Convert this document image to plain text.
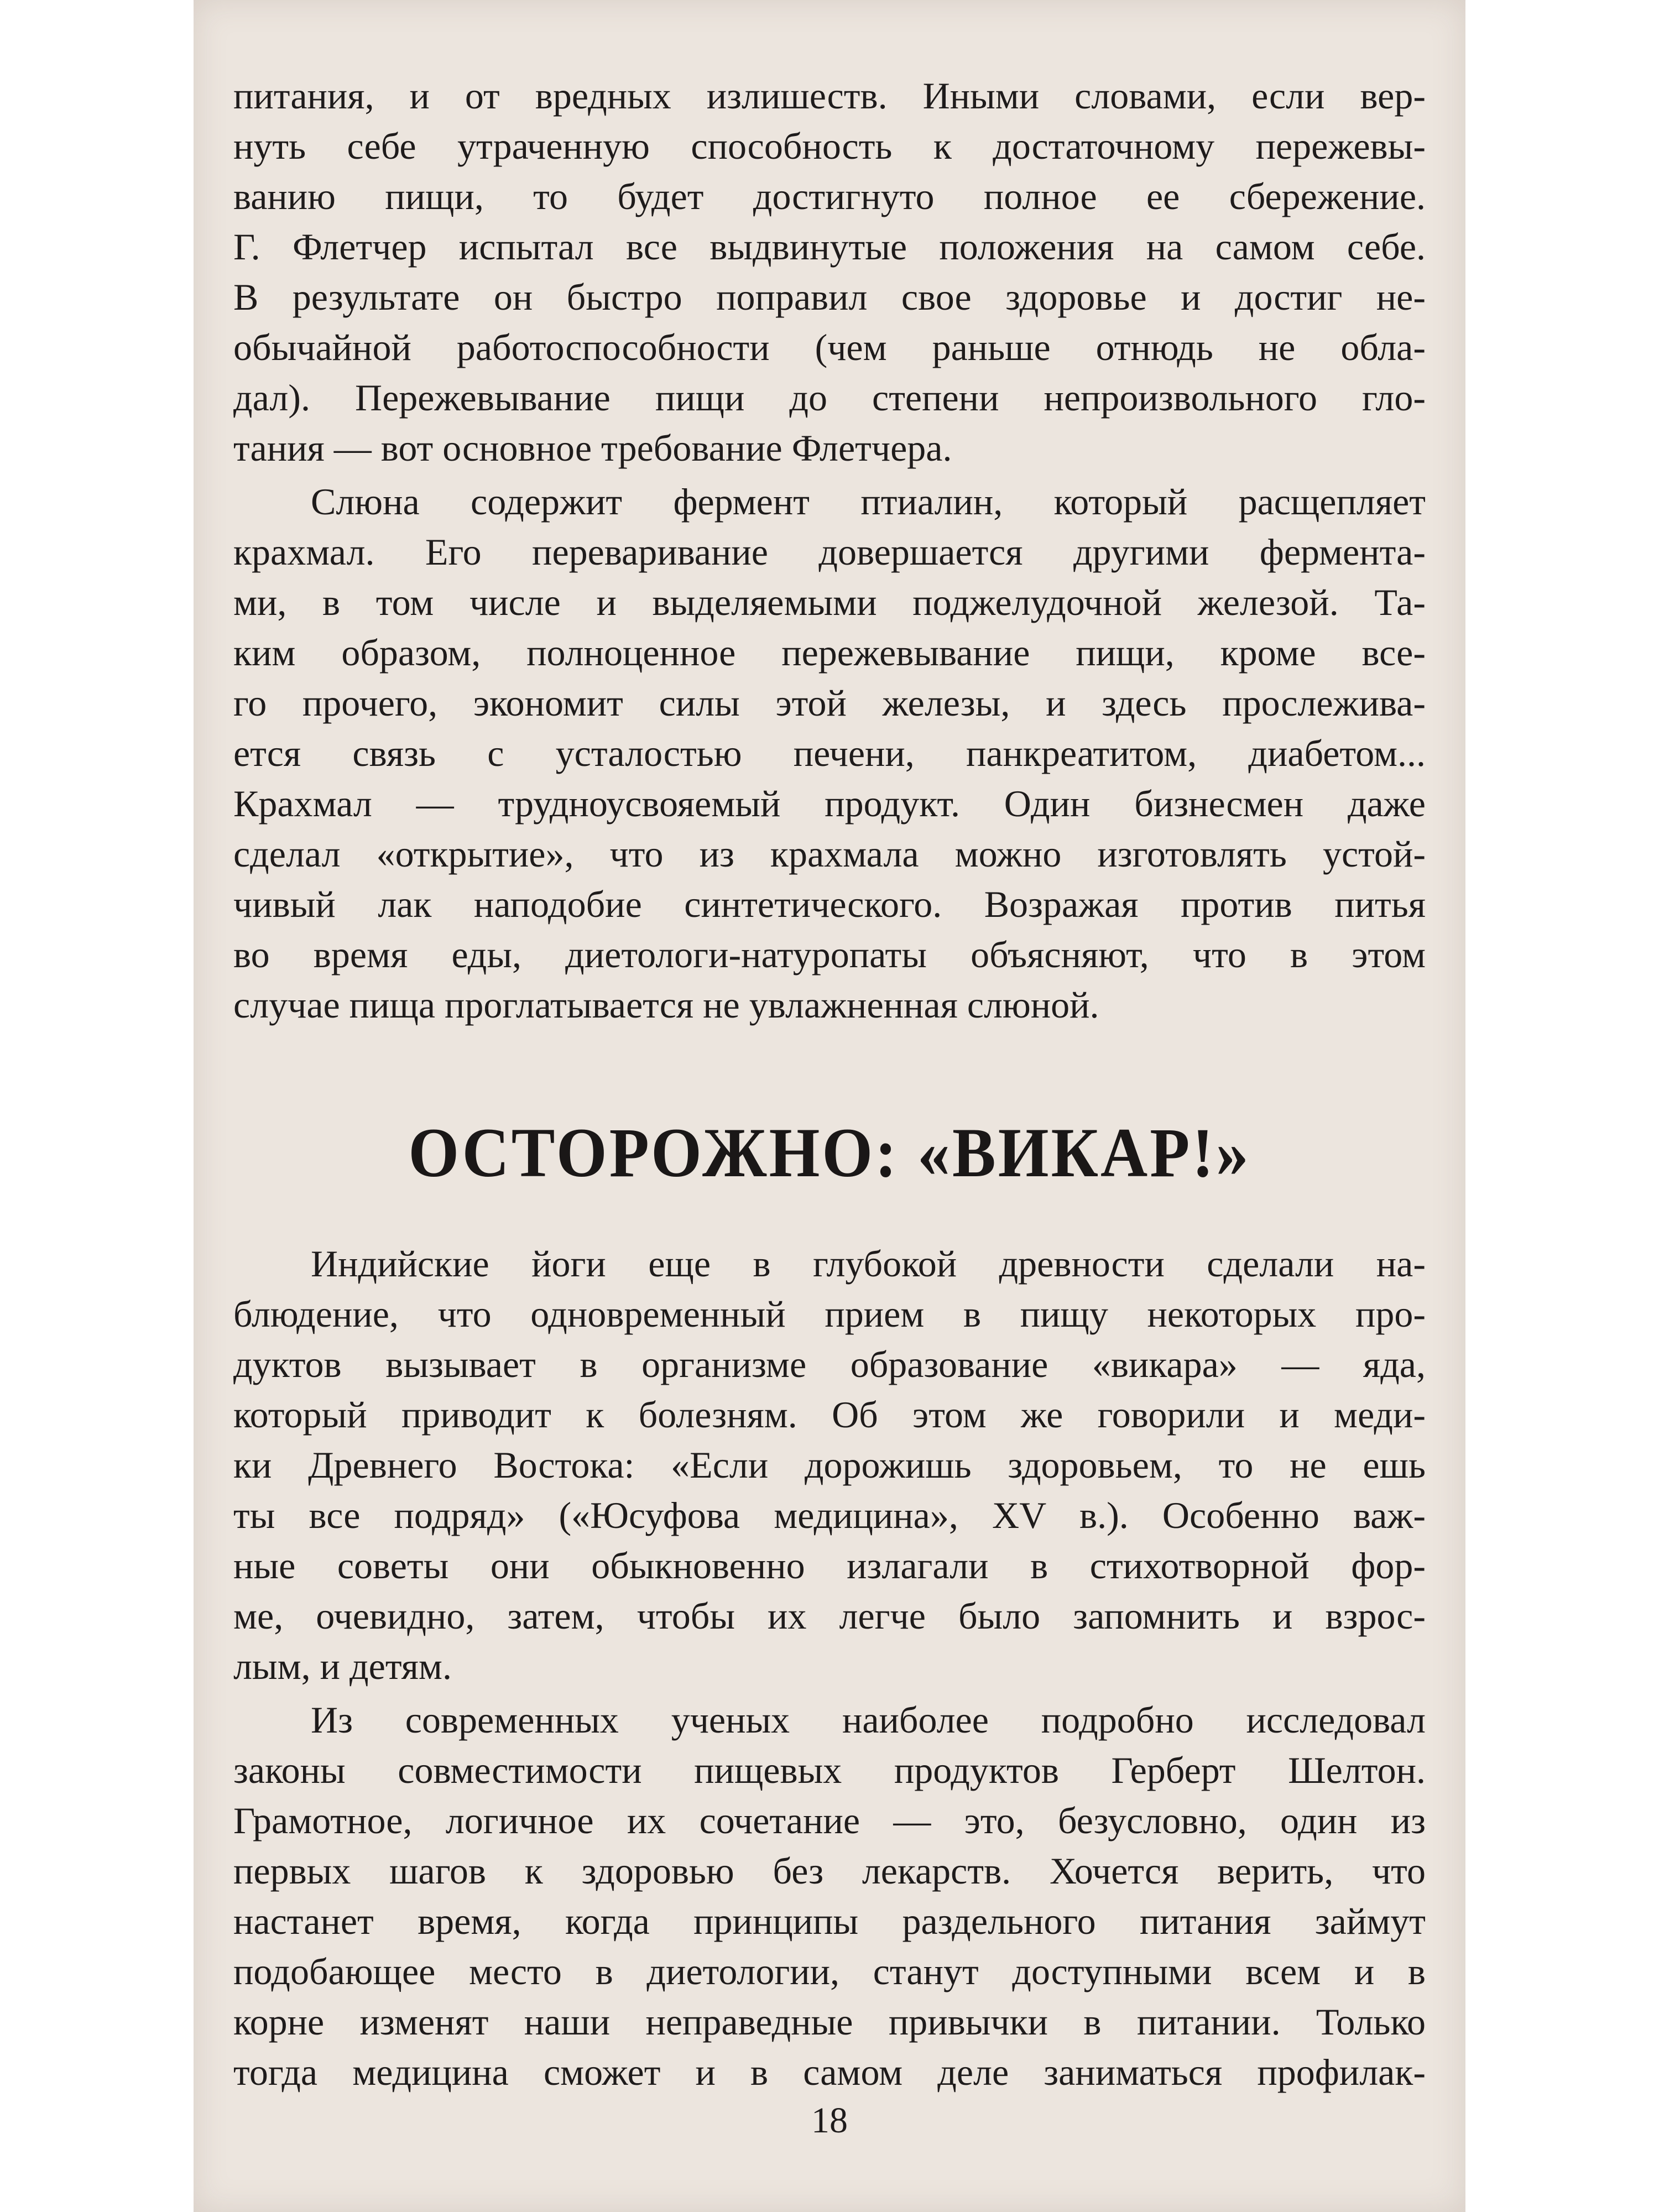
питания, и от вредных излишеств. Иными словами, если вер-
нуть себе утраченную способность к достаточному пережевы-
ванию пищи, то будет достигнуто полное ее сбережение.
Г. Флетчер испытал все выдвинутые положения на самом себе.
В результате он быстро поправил свое здоровье и достиг не-
обычайной работоспособности (чем раньше отнюдь не обла-
дал). Пережевывание пищи до степени непроизвольного гло-
тания — вот основное требование Флетчера.
Слюна содержит фермент птиалин, который расщепляет
крахмал. Его переваривание довершается другими фермента-
ми, в том числе и выделяемыми поджелудочной железой. Та-
ким образом, полноценное пережевывание пищи, кроме все-
го прочего, экономит силы этой железы, и здесь прослежива-
ется связь с усталостью печени, панкреатитом, диабетом...
Крахмал — трудноусвояемый продукт. Один бизнесмен даже
сделал «открытие», что из крахмала можно изготовлять устой-
чивый лак наподобие синтетического. Возражая против питья
во время еды, диетологи-натуропаты объясняют, что в этом
случае пища проглатывается не увлажненная слюной.
ОСТОРОЖНО: «ВИКАР!»
Индийские йоги еще в глубокой древности сделали на-
блюдение, что одновременный прием в пищу некоторых про-
дуктов вызывает в организме образование «викара» — яда,
который приводит к болезням. Об этом же говорили и меди-
ки Древнего Востока: «Если дорожишь здоровьем, то не ешь
ты все подряд» («Юсуфова медицина», XV в.). Особенно важ-
ные советы они обыкновенно излагали в стихотворной фор-
ме, очевидно, затем, чтобы их легче было запомнить и взрос-
лым, и детям.
Из современных ученых наиболее подробно исследовал
законы совместимости пищевых продуктов Герберт Шелтон.
Грамотное, логичное их сочетание — это, безусловно, один из
первых шагов к здоровью без лекарств. Хочется верить, что
настанет время, когда принципы раздельного питания займут
подобающее место в диетологии, станут доступными всем и в
корне изменят наши неправедные привычки в питании. Только
тогда медицина сможет и в самом деле заниматься профилак-
18
